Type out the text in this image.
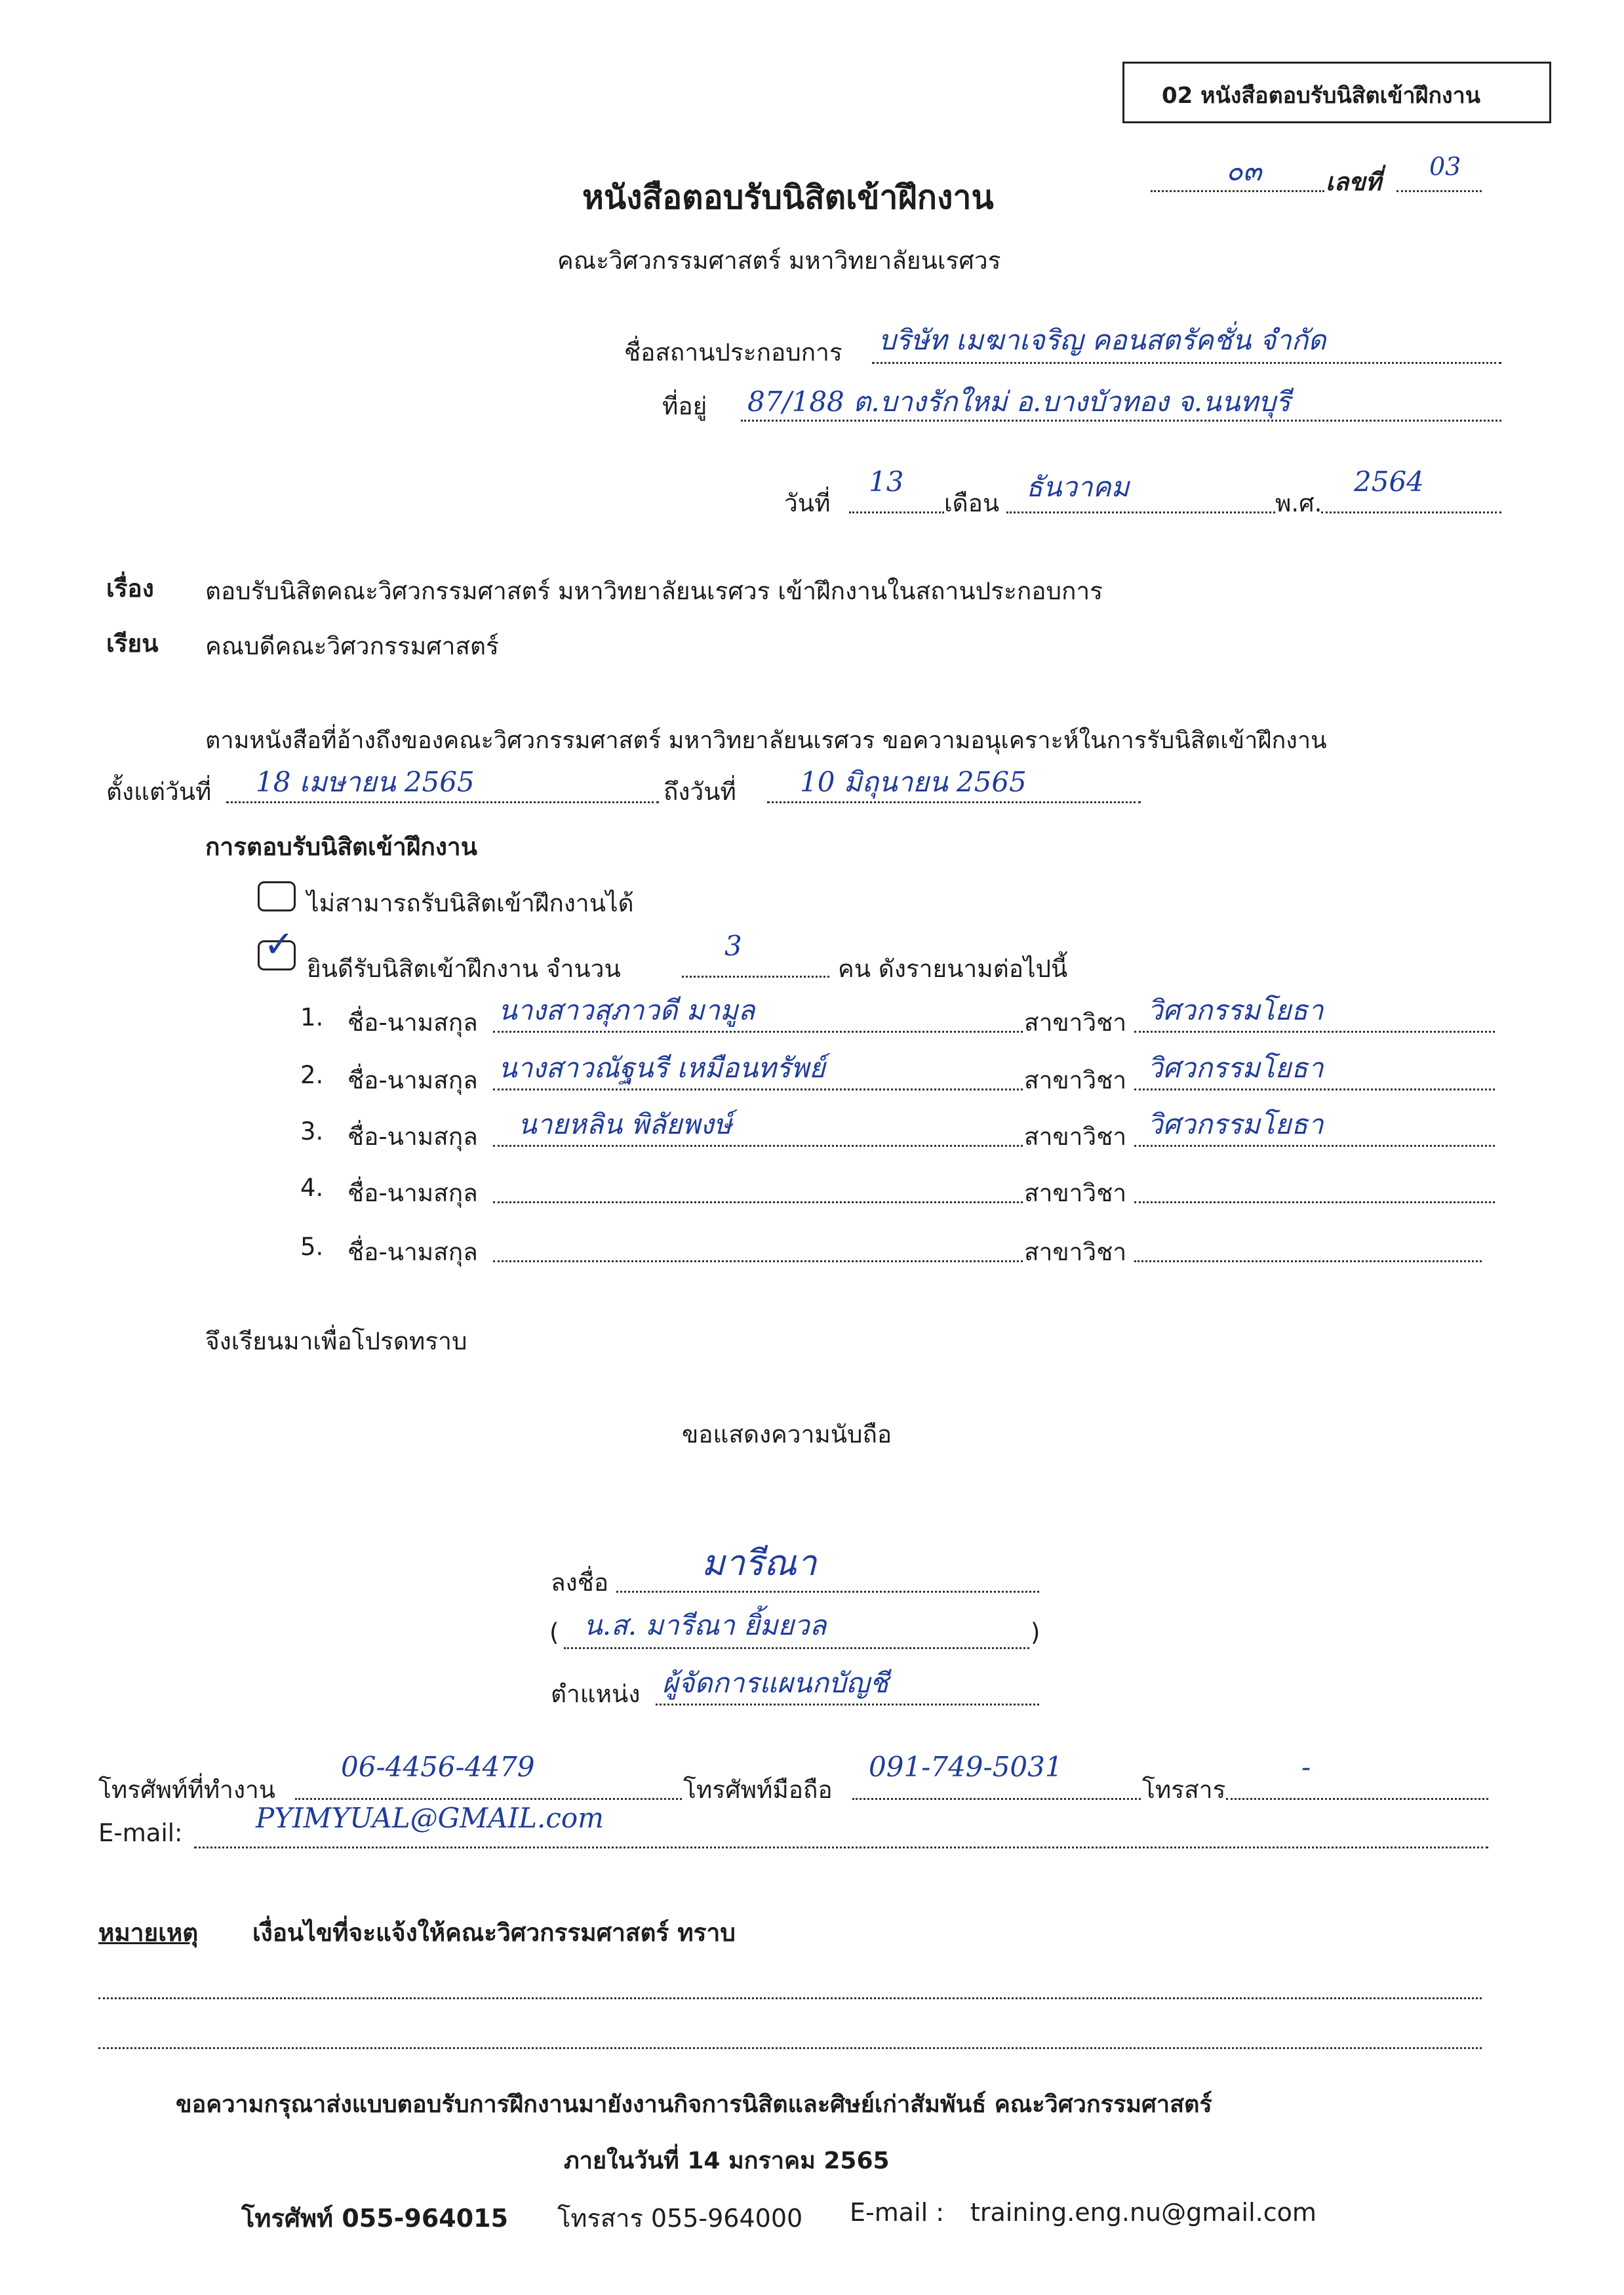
02 หนังสือตอบรับนิสิตเข้าฝึกงาน
๐๓	เลขที่
03
หนังสือตอบรับนิสิตเข้าฝึกงาน
คณะวิศวกรรมศาสตร์ มหาวิทยาลัยนเรศวร
ชื่อสถานประกอบการ บริษัท เมฆาเจริญ คอนสตรัคชั่น จำกัด
ที่อยู่ 87/188 ต.บางรักใหม่ อ.บางบัวทอง จ.นนทบุรี
วันที่
13
เดือน
ธันวาคม
พ.ศ.
2564
เรื่อง ตอบรับนิสิตคณะวิศวกรรมศาสตร์ มหาวิทยาลัยนเรศวร เข้าฝึกงานในสถานประกอบการ
เรียน คณบดีคณะวิศวกรรมศาสตร์
ตามหนังสือที่อ้างถึงของคณะวิศวกรรมศาสตร์ มหาวิทยาลัยนเรศวร ขอความอนุเคราะห์ในการรับนิสิตเข้าฝึกงาน
ตั้งแต่วันที่ 18 เมษายน 2565	ถึงวันที่ 10 มิถุนายน 2565
การตอบรับนิสิตเข้าฝึกงาน
ไม่สามารถรับนิสิตเข้าฝึกงานได้
✓
ยินดีรับนิสิตเข้าฝึกงาน จำนวน
3
คน ดังรายนามต่อไปนี้
1. ชื่อ-นามสกุล นางสาวสุภาวดี มามูล	สาขาวิชา วิศวกรรมโยธา
2. ชื่อ-นามสกุล นางสาวณัฐนรี เหมือนทรัพย์	สาขาวิชา วิศวกรรมโยธา
3. ชื่อ-นามสกุล นายหลิน พิลัยพงษ์	สาขาวิชา วิศวกรรมโยธา
4. ชื่อ-นามสกุล	สาขาวิชา
5. ชื่อ-นามสกุล	สาขาวิชา
จึงเรียนมาเพื่อโปรดทราบ
ขอแสดงความนับถือ
ลงชื่อ	มารีณา
( น.ส. มารีณา ยิ้มยวล	)
ตำแหน่ง ผู้จัดการแผนกบัญชี
โทรศัพท์ที่ทำงาน
06-4456-4479
โทรศัพท์มือถือ
091-749-5031
โทรสาร
-
E-mail:	PYIMYUAL@GMAIL.com
หมายเหตุ เงื่อนไขที่จะแจ้งให้คณะวิศวกรรมศาสตร์ ทราบ
ขอความกรุณาส่งแบบตอบรับการฝึกงานมายังงานกิจการนิสิตและศิษย์เก่าสัมพันธ์ คณะวิศวกรรมศาสตร์
ภายในวันที่ 14 มกราคม 2565
โทรศัพท์ 055-964015 โทรสาร 055-964000 E-mail : training.eng.nu@gmail.com
